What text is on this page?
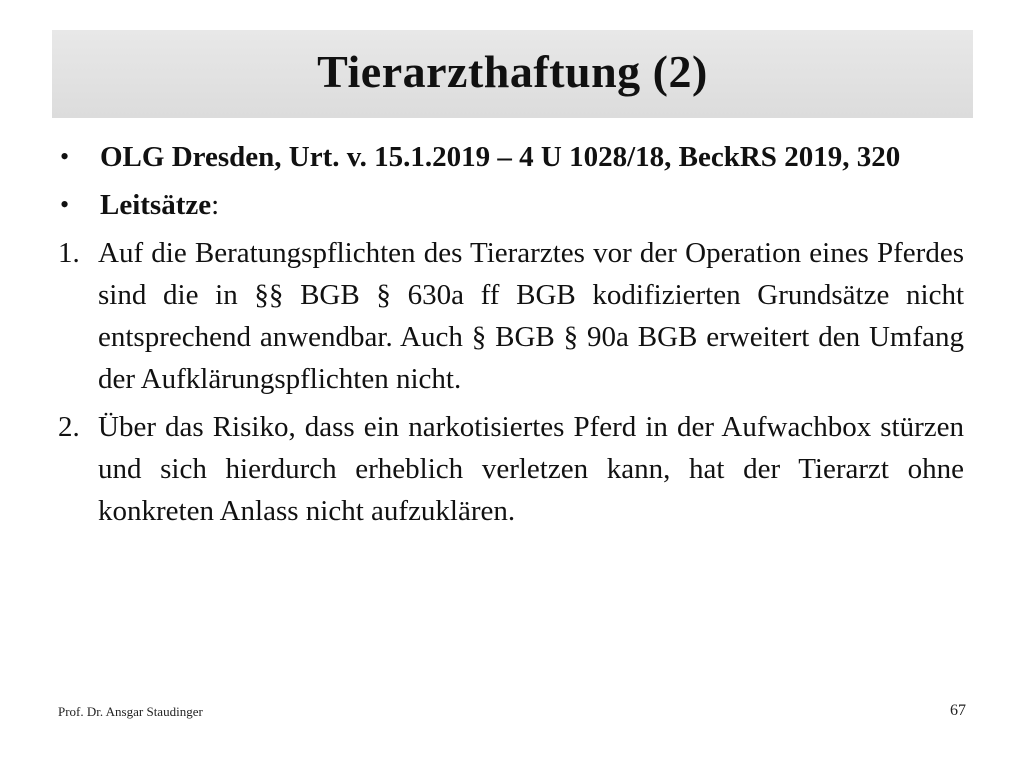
Tierarzthaftung (2)
•	OLG Dresden, Urt. v. 15.1.2019 – 4 U 1028/18, BeckRS 2019, 320
•	Leitsätze:
1. Auf die Beratungspflichten des Tierarztes vor der Operation eines Pferdes sind die in §§ BGB § 630a ff BGB kodifizierten Grundsätze nicht entsprechend anwendbar. Auch § BGB § 90a BGB erweitert den Umfang der Aufklärungspflichten nicht.
2. Über das Risiko, dass ein narkotisiertes Pferd in der Aufwachbox stürzen und sich hierdurch erheblich verletzen kann, hat der Tierarzt ohne konkreten Anlass nicht aufzuklären.
Prof. Dr. Ansgar Staudinger	67
